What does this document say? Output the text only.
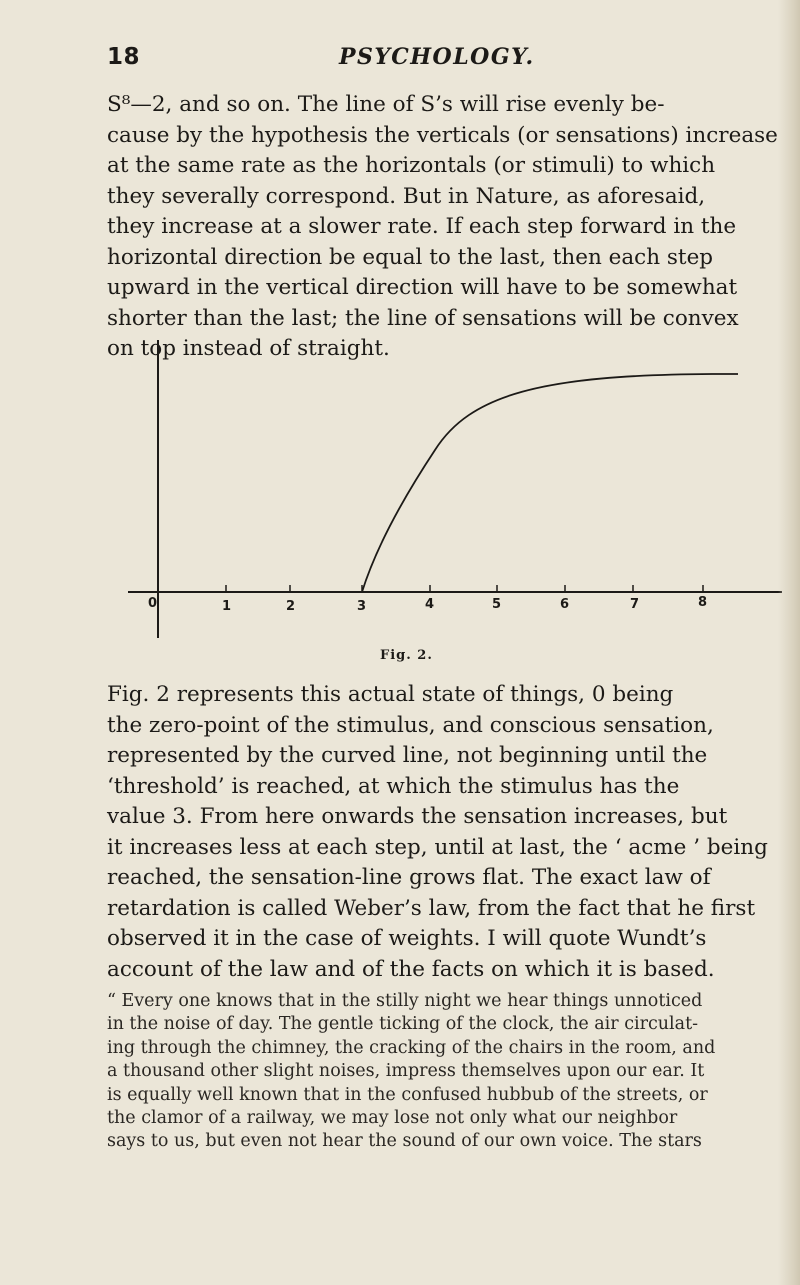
18	PSYCHOLOGY.
S⁸—2, and so on. The line of S’s will rise evenly be-
cause by the hypothesis the verticals (or sensations) increase
at the same rate as the horizontals (or stimuli) to which
they severally correspond. But in Nature, as aforesaid,
they increase at a slower rate. If each step forward in the
horizontal direction be equal to the last, then each step
upward in the vertical direction will have to be somewhat
shorter than the last; the line of sensations will be convex
on top instead of straight.
0	1	2	3	4	5	6	7	8
Fig. 2.
Fig. 2 represents this actual state of things, 0 being
the zero-point of the stimulus, and conscious sensation,
represented by the curved line, not beginning until the
‘threshold’ is reached, at which the stimulus has the
value 3. From here onwards the sensation increases, but
it increases less at each step, until at last, the ‘ acme ’ being
reached, the sensation-line grows flat. The exact law of
retardation is called Weber’s law, from the fact that he first
observed it in the case of weights. I will quote Wundt’s
account of the law and of the facts on which it is based.
“ Every one knows that in the stilly night we hear things unnoticed
in the noise of day. The gentle ticking of the clock, the air circulat-
ing through the chimney, the cracking of the chairs in the room, and
a thousand other slight noises, impress themselves upon our ear. It
is equally well known that in the confused hubbub of the streets, or
the clamor of a railway, we may lose not only what our neighbor
says to us, but even not hear the sound of our own voice. The stars
